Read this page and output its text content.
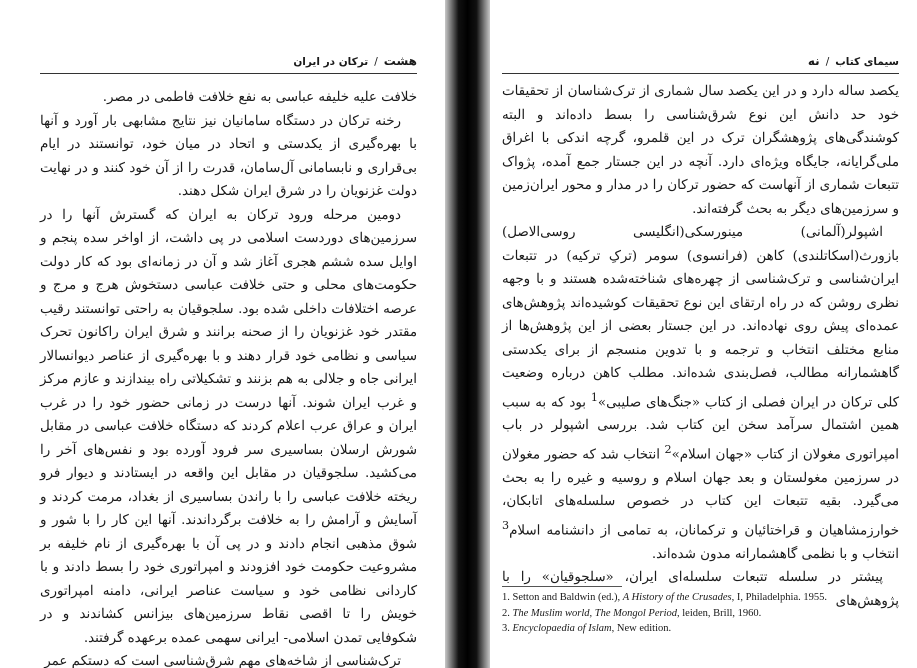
هشت
/
ترکان در ایران

خلافت علیه خلیفه عباسی به نفع خلافت فاطمی در مصر.

رخنه ترکان در دستگاه سامانیان نیز نتایج مشابهی بار آورد و آنها با بهره‌گیری از یکدستی و اتحاد در میان خود، توانستند در ایام بی‌قراری و نابسامانی آل‌سامان، قدرت را از آن خود کنند و در نهایت دولت غزنویان را در شرق ایران شکل دهند.

دومین مرحله ورود ترکان به ایران که گسترش آنها را در سرزمین‌های دوردست اسلامی در پی داشت، از اواخر سده پنجم و اوایل سده ششم هجری آغاز شد و آن در زمانه‌ای بود که کار دولت حکومت‌های محلی و حتی خلافت عباسی دستخوش هرج و مرج و عرصه اختلافات داخلی شده بود. سلجوقیان به راحتی توانستند رقیب مقتدر خود غزنویان را از صحنه برانند و شرق ایران راکانون تحرک سیاسی و نظامی خود قرار دهند و با بهره‌گیری از عناصر دیوانسالار ایرانی جاه و جلالی به هم بزنند و تشکیلاتی راه بیندازند و عازم مرکز و غرب ایران شوند. آنها درست در زمانی حضور خود را در غرب ایران و عراق عرب اعلام کردند که دستگاه خلافت عباسی در مقابل شورش ارسلان بساسیری سر فرود آورده بود و نفس‌های آخر را می‌کشید. سلجوقیان در مقابل این واقعه در ایستادند و دیوار فرو ریخته خلافت عباسی را با راندن بساسیری از بغداد، مرمت کردند و آسایش و آرامش را به خلافت برگرداندند. آنها این کار را با شور و شوق مذهبی انجام دادند و در پی آن با بهره‌گیری از نام خلیفه بر مشروعیت حکومت خود افزودند و امپراتوری خود را بسط دادند و با کاردانی نظامی خود و سیاست عناصر ایرانی، دامنه امپراتوری خویش را تا اقصی نقاط سرزمین‌های بیزانس کشاندند و در شکوفایی تمدن اسلامی- ایرانی سهمی عمده برعهده گرفتند.

ترک‌شناسی از شاخه‌های مهم شرق‌شناسی است که دستکم عمر

سیمای کتاب
/
نه

یکصد ساله دارد و در این یکصد سال شماری از ترک‌شناسان از تحقیقات خود حد دانش این نوع شرق‌شناسی را بسط داده‌اند و البته کوشندگی‌های پژوهشگران ترک در این قلمرو، گرچه اندکی با اغراق ملی‌گرایانه، جایگاه ویژه‌ای دارد. آنچه در این جستار جمع آمده، پژواک تتبعات شماری از آنهاست که حضور ترکان را در مدار و محور ایران‌زمین و سرزمین‌های دیگر به بحث گرفته‌اند.

اشپولر(آلمانی) مینورسکی(انگلیسی روسی‌الاصل) بازورث(اسکاتلندی) کاهن (فرانسوی) سومر (ترکِ ترکیه) در تتبعات ایران‌شناسی و ترک‌شناسی از چهره‌های شناخته‌شده هستند و با وجهه نظری روشن که در راه ارتقای این نوع تحقیقات کوشیده‌اند پژوهش‌های عمده‌ای پیش روی نهاده‌اند. در این جستار بعضی از این پژوهش‌ها از منابع مختلف انتخاب و ترجمه و با تدوین منسجم از برای یکدستی گاهشمارانه مطالب، فصل‌بندی شده‌اند. مطلب کاهن درباره وضعیت کلی ترکان در ایران فصلی از کتاب «جنگ‌های صلیبی»$^1$ بود که به سبب همین اشتمال سرآمد سخن این کتاب شد. بررسی اشپولر در باب امپراتوری مغولان از کتاب «جهان اسلام»$^2$ انتخاب شد که حضور مغولان در سرزمین مغولستان و بعد جهان اسلام و روسیه و غیره را به بحث می‌گیرد. بقیه تتبعات این کتاب در خصوص سلسله‌های اتابکان، خوارزمشاهیان و قراختائیان و ترکمانان، به تمامی از دانشنامه اسلام$^3$ انتخاب و با نظمی گاهشمارانه مدون شده‌اند.

پیشتر در سلسله تتبعات سلسله‌ای ایران، «سلجوقیان» را با پژوهش‌های

1. Setton and Baldwin (ed.), A History of the Crusades, I, Philadelphia. 1955.
2. The Muslim world, The Mongol Period, leiden, Brill, 1960.
3. Encyclopaedia of Islam, New edition.
